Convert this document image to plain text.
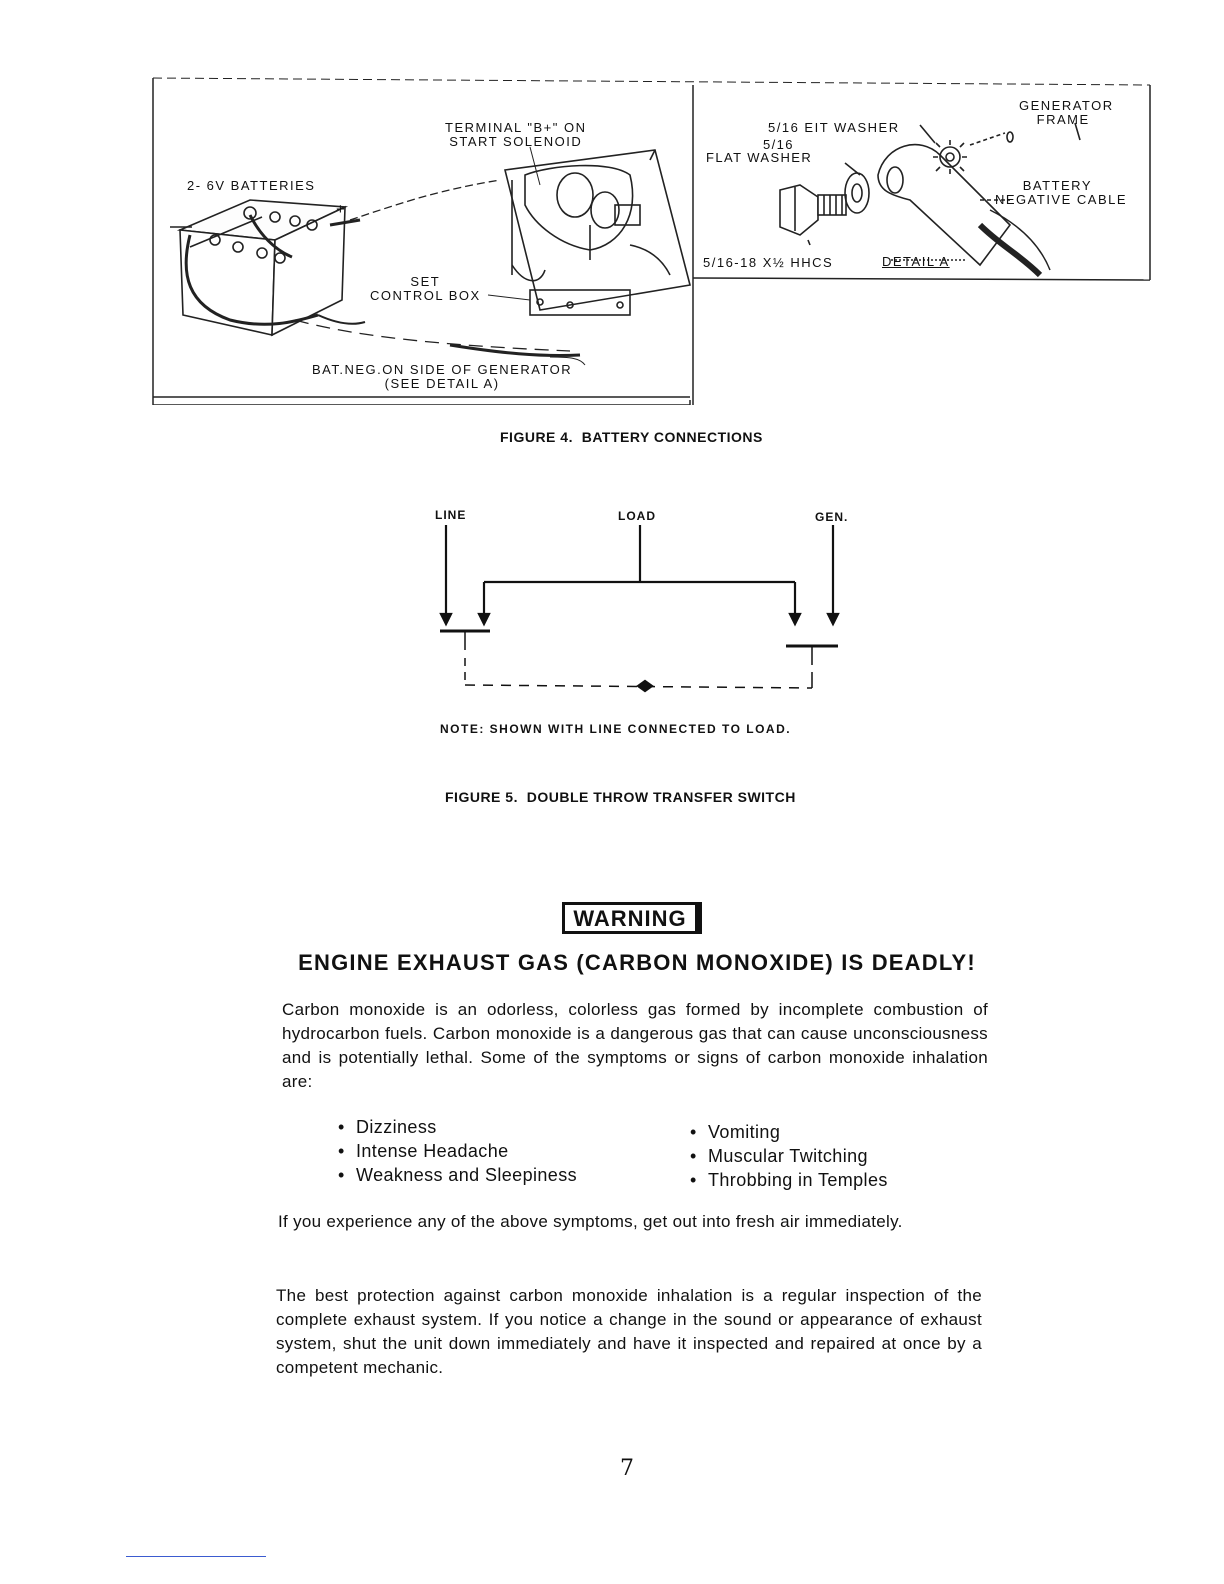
TERMINAL "B+" ON
START SOLENOID
2- 6V BATTERIES
+
SET
CONTROL BOX
BAT.NEG.ON SIDE OF GENERATOR
(SEE DETAIL A)
5/16 EIT WASHER
5/16
FLAT WASHER
GENERATOR
FRAME
BATTERY
NEGATIVE CABLE
5/16-18 X½ HHCS	DETAIL A
FIGURE 4.  BATTERY CONNECTIONS
LINE	LOAD	GEN.
NOTE: SHOWN WITH LINE CONNECTED TO LOAD.
FIGURE 5.  DOUBLE THROW TRANSFER SWITCH
WARNING
ENGINE EXHAUST GAS (CARBON MONOXIDE) IS DEADLY!
Carbon monoxide is an odorless, colorless gas formed by incomplete combustion of hydrocarbon fuels. Carbon monoxide is a dangerous gas that can cause unconsciousness and is potentially lethal. Some of the symptoms or signs of carbon monoxide inhalation are:
• Dizziness
• Intense Headache
• Weakness and Sleepiness
• Vomiting
• Muscular Twitching
• Throbbing in Temples
If you experience any of the above symptoms, get out into fresh air immediately.
The best protection against carbon monoxide inhalation is a regular inspection of the complete exhaust system. If you notice a change in the sound or appearance of exhaust system, shut the unit down immediately and have it inspected and repaired at once by a competent mechanic.
7
